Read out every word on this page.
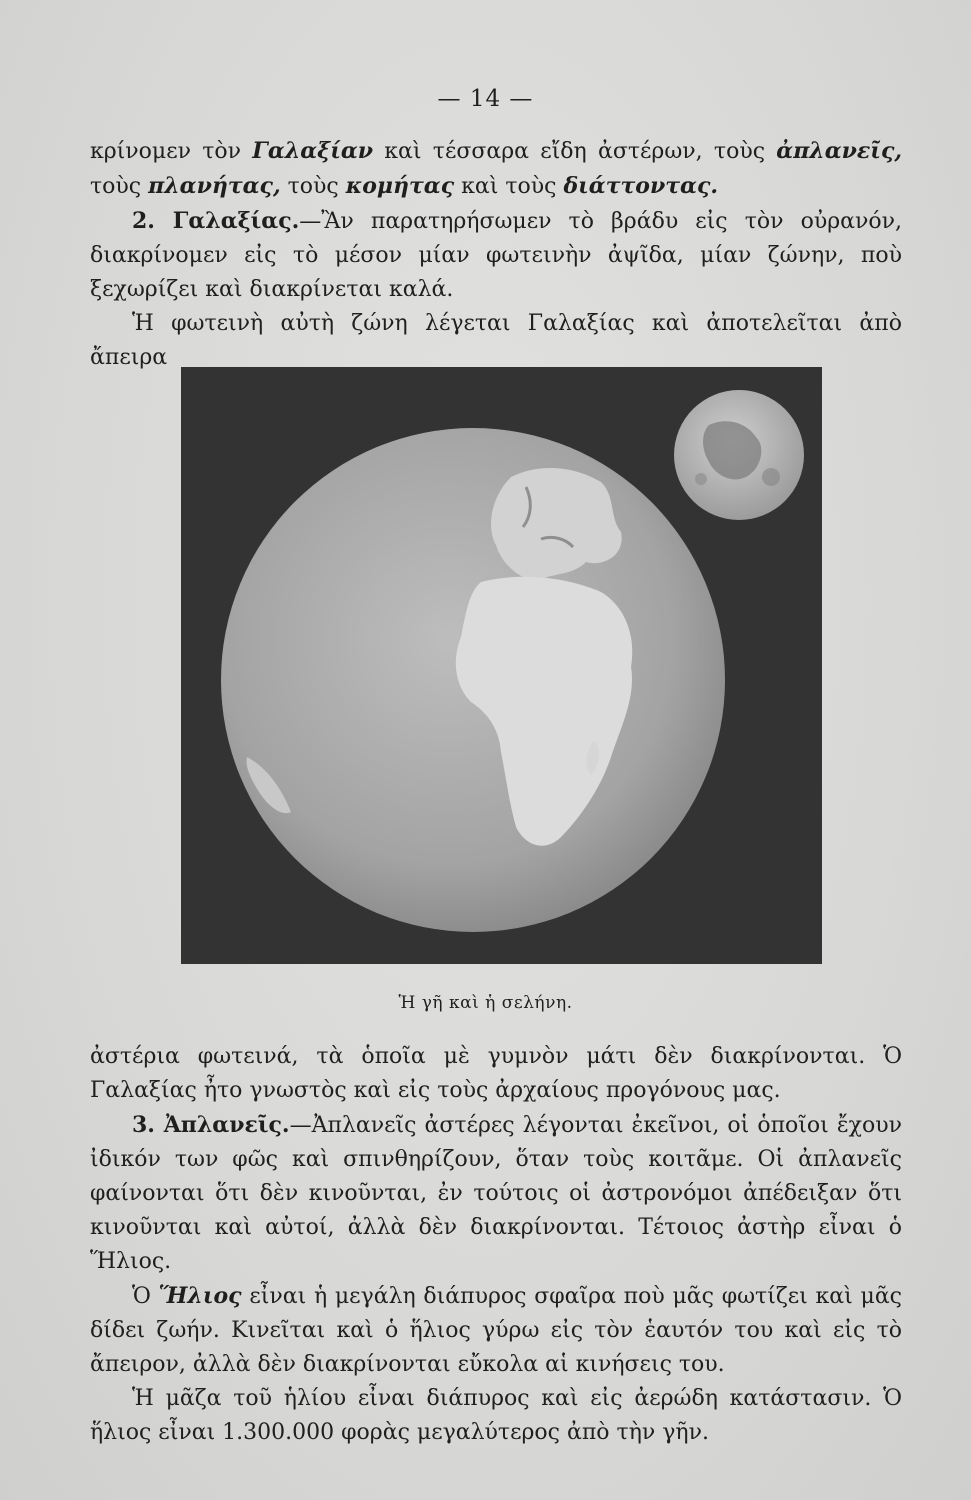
— 14 —

κρίνομεν τὸν Γαλαξίαν καὶ τέσσαρα εἴδη ἀστέρων, τοὺς ἀπλανεῖς, τοὺς πλανήτας, τοὺς κομήτας καὶ τοὺς διάττοντας.

2. Γαλαξίας.—Ἂν παρατηρήσωμεν τὸ βράδυ εἰς τὸν οὐρανόν, διακρίνομεν εἰς τὸ μέσον μίαν φωτεινὴν ἀψῖδα, μίαν ζώνην, ποὺ ξεχωρίζει καὶ διακρίνεται καλά.

Ἡ φωτεινὴ αὐτὴ ζώνη λέγεται Γαλαξίας καὶ ἀποτελεῖται ἀπὸ ἄπειρα

Ἡ γῆ καὶ ἡ σελήνη.

ἀστέρια φωτεινά, τὰ ὁποῖα μὲ γυμνὸν μάτι δὲν διακρίνονται. Ὁ Γαλαξίας ἦτο γνωστὸς καὶ εἰς τοὺς ἀρχαίους προγόνους μας.

3. Ἀπλανεῖς.—Ἀπλανεῖς ἀστέρες λέγονται ἐκεῖνοι, οἱ ὁποῖοι ἔχουν ἰδικόν των φῶς καὶ σπινθηρίζουν, ὅταν τοὺς κοιτᾶμε. Οἱ ἀπλανεῖς φαίνονται ὅτι δὲν κινοῦνται, ἐν τούτοις οἱ ἀστρονόμοι ἀπέδειξαν ὅτι κινοῦνται καὶ αὐτοί, ἀλλὰ δὲν διακρίνονται. Τέτοιος ἀστὴρ εἶναι ὁ Ἥλιος.

Ὁ Ἥλιος εἶναι ἡ μεγάλη διάπυρος σφαῖρα ποὺ μᾶς φωτίζει καὶ μᾶς δίδει ζωήν. Κινεῖται καὶ ὁ ἥλιος γύρω εἰς τὸν ἑαυτόν του καὶ εἰς τὸ ἄπειρον, ἀλλὰ δὲν διακρίνονται εὔκολα αἱ κινήσεις του.

Ἡ μᾶζα τοῦ ἡλίου εἶναι διάπυρος καὶ εἰς ἀερώδη κατάστασιν. Ὁ ἥλιος εἶναι 1.300.000 φορὰς μεγαλύτερος ἀπὸ τὴν γῆν.
